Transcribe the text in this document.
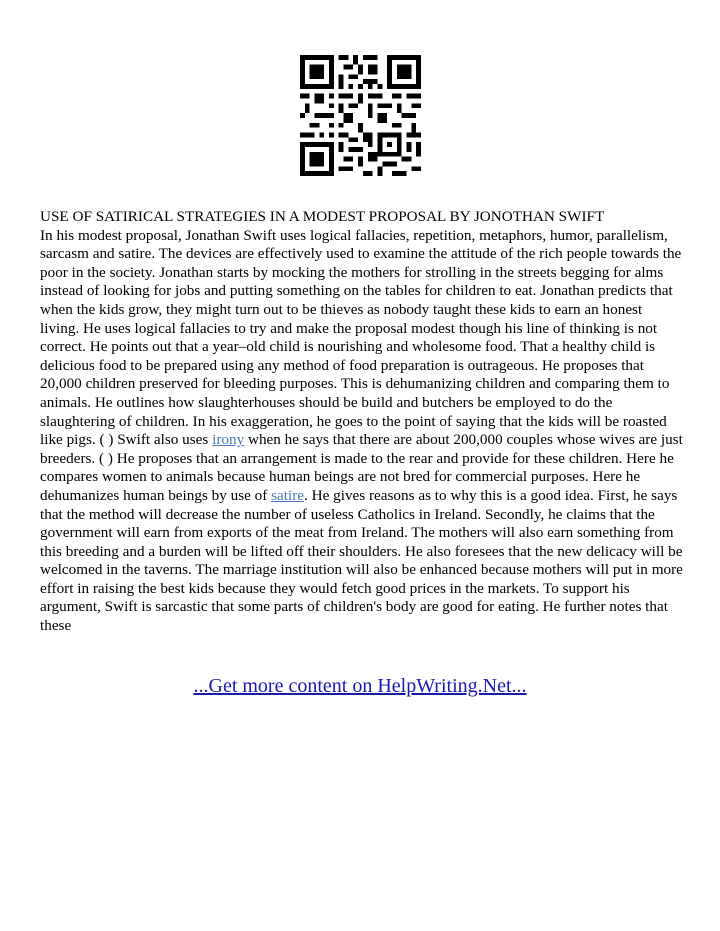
USE OF SATIRICAL STRATEGIES IN A MODEST PROPOSAL BY JONOTHAN SWIFT

In his modest proposal, Jonathan Swift uses logical fallacies, repetition, metaphors, humor, parallelism, sarcasm and satire. The devices are effectively used to examine the attitude of the rich people towards the poor in the society. Jonathan starts by mocking the mothers for strolling in the streets begging for alms instead of looking for jobs and putting something on the tables for children to eat. Jonathan predicts that when the kids grow, they might turn out to be thieves as nobody taught these kids to earn an honest living. He uses logical fallacies to try and make the proposal modest though his line of thinking is not correct. He points out that a year–old child is nourishing and wholesome food. That a healthy child is delicious food to be prepared using any method of food preparation is outrageous. He proposes that 20,000 children preserved for bleeding purposes. This is dehumanizing children and comparing them to animals. He outlines how slaughterhouses should be build and butchers be employed to do the slaughtering of children. In his exaggeration, he goes to the point of saying that the kids will be roasted like pigs. ( ) Swift also uses irony when he says that there are about 200,000 couples whose wives are just breeders. ( ) He proposes that an arrangement is made to the rear and provide for these children. Here he compares women to animals because human beings are not bred for commercial purposes. Here he dehumanizes human beings by use of satire. He gives reasons as to why this is a good idea. First, he says that the method will decrease the number of useless Catholics in Ireland. Secondly, he claims that the government will earn from exports of the meat from Ireland. The mothers will also earn something from this breeding and a burden will be lifted off their shoulders. He also foresees that the new delicacy will be welcomed in the taverns. The marriage institution will also be enhanced because mothers will put in more effort in raising the best kids because they would fetch good prices in the markets. To support his argument, Swift is sarcastic that some parts of children's body are good for eating. He further notes that these

...Get more content on HelpWriting.Net...
